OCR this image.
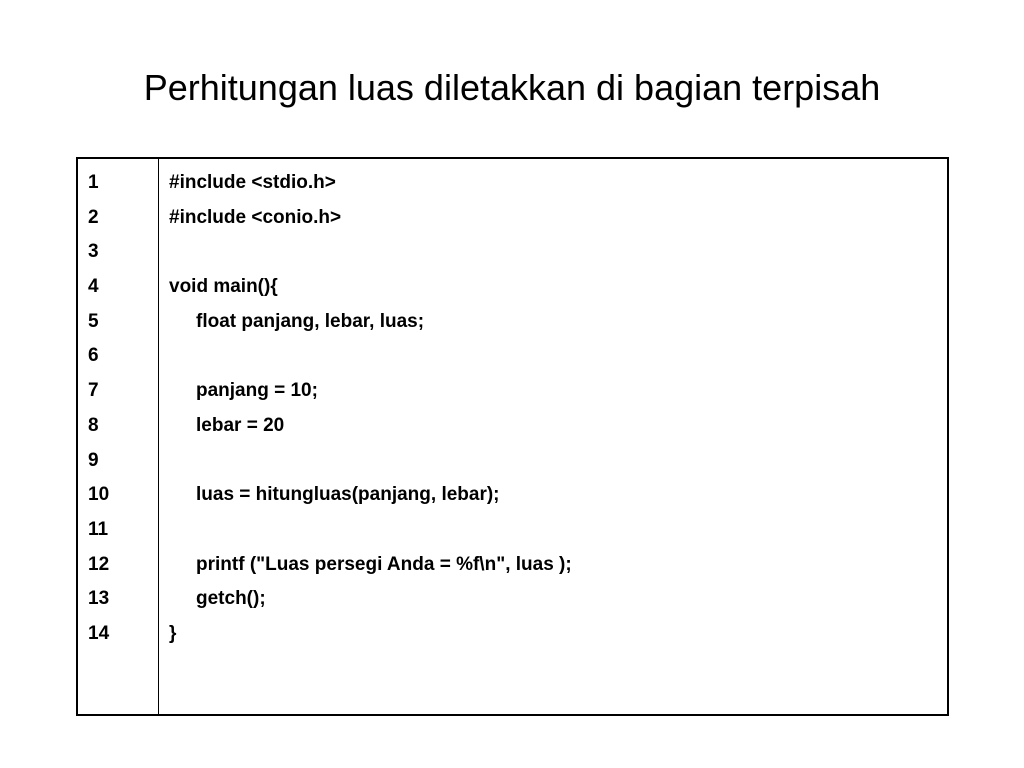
Perhitungan luas diletakkan di bagian terpisah
1
2
3
4
5
6
7
8
9
10
11
12
13
14
#include <stdio.h>
#include <conio.h>
void main(){
float panjang, lebar, luas;
panjang = 10;
lebar = 20
luas = hitungluas(panjang, lebar);
printf ("Luas persegi Anda = %f\n", luas );
getch();
}
